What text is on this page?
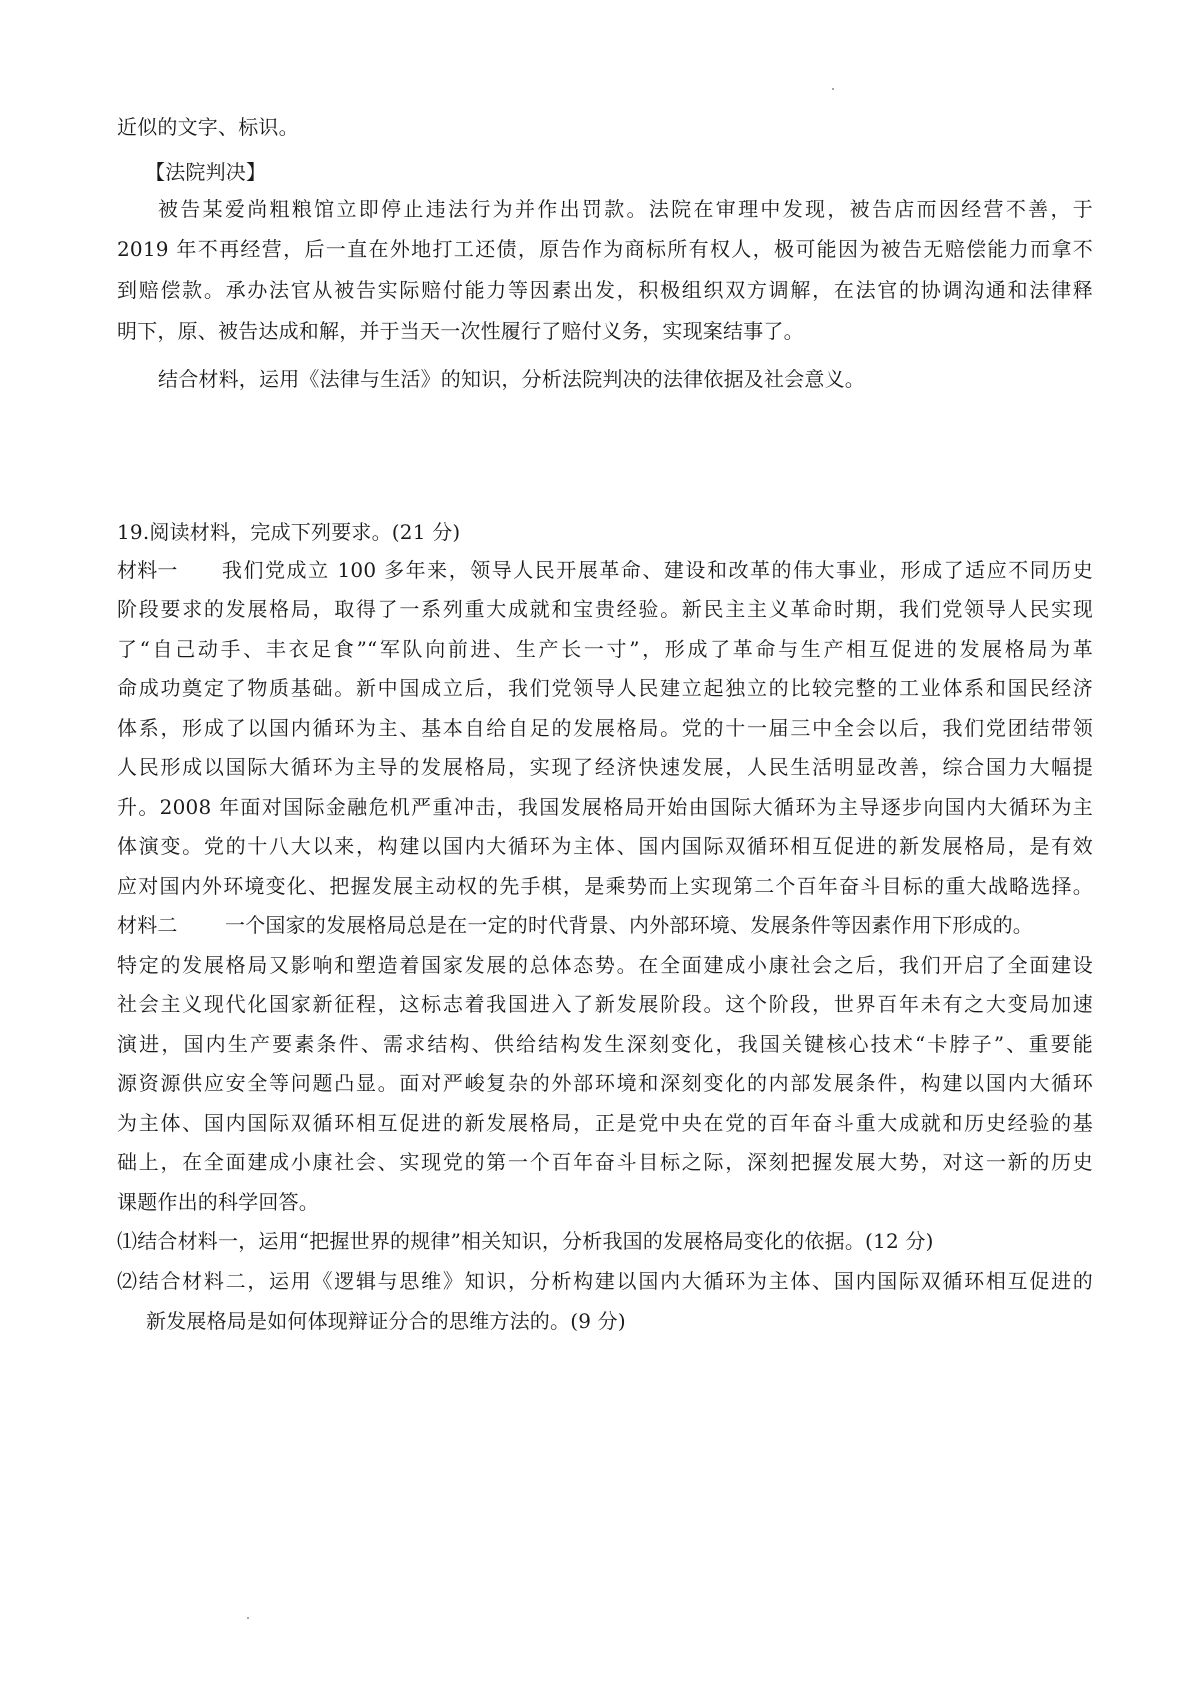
近似的文字、标识。
【法院判决】
被告某爱尚粗粮馆立即停止违法行为并作出罚款。法院在审理中发现，被告店而因经营不善，于
2019 年不再经营，后一直在外地打工还债，原告作为商标所有权人，极可能因为被告无赔偿能力而拿不
到赔偿款。承办法官从被告实际赔付能力等因素出发，积极组织双方调解，在法官的协调沟通和法律释
明下，原、被告达成和解，并于当天一次性履行了赔付义务，实现案结事了。
结合材料，运用《法律与生活》的知识，分析法院判决的法律依据及社会意义。
19.阅读材料，完成下列要求。(21 分)
材料一 我们党成立 100 多年来，领导人民开展革命、建设和改革的伟大事业，形成了适应不同历史
阶段要求的发展格局，取得了一系列重大成就和宝贵经验。新民主主义革命时期，我们党领导人民实现
了“自己动手、丰衣足食”“军队向前进、生产长一寸”，形成了革命与生产相互促进的发展格局为革
命成功奠定了物质基础。新中国成立后，我们党领导人民建立起独立的比较完整的工业体系和国民经济
体系，形成了以国内循环为主、基本自给自足的发展格局。党的十一届三中全会以后，我们党团结带领
人民形成以国际大循环为主导的发展格局，实现了经济快速发展，人民生活明显改善，综合国力大幅提
升。2008 年面对国际金融危机严重冲击，我国发展格局开始由国际大循环为主导逐步向国内大循环为主
体演变。党的十八大以来，构建以国内大循环为主体、国内国际双循环相互促进的新发展格局，是有效
应对国内外环境变化、把握发展主动权的先手棋，是乘势而上实现第二个百年奋斗目标的重大战略选择。
材料二 一个国家的发展格局总是在一定的时代背景、内外部环境、发展条件等因素作用下形成的。
特定的发展格局又影响和塑造着国家发展的总体态势。在全面建成小康社会之后，我们开启了全面建设
社会主义现代化国家新征程，这标志着我国进入了新发展阶段。这个阶段，世界百年未有之大变局加速
演进，国内生产要素条件、需求结构、供给结构发生深刻变化，我国关键核心技术“卡脖子”、重要能
源资源供应安全等问题凸显。面对严峻复杂的外部环境和深刻变化的内部发展条件，构建以国内大循环
为主体、国内国际双循环相互促进的新发展格局，正是党中央在党的百年奋斗重大成就和历史经验的基
础上，在全面建成小康社会、实现党的第一个百年奋斗目标之际，深刻把握发展大势，对这一新的历史
课题作出的科学回答。
⑴结合材料一，运用“把握世界的规律”相关知识，分析我国的发展格局变化的依据。(12 分)
⑵结合材料二，运用《逻辑与思维》知识，分析构建以国内大循环为主体、国内国际双循环相互促进的
新发展格局是如何体现辩证分合的思维方法的。(9 分)
